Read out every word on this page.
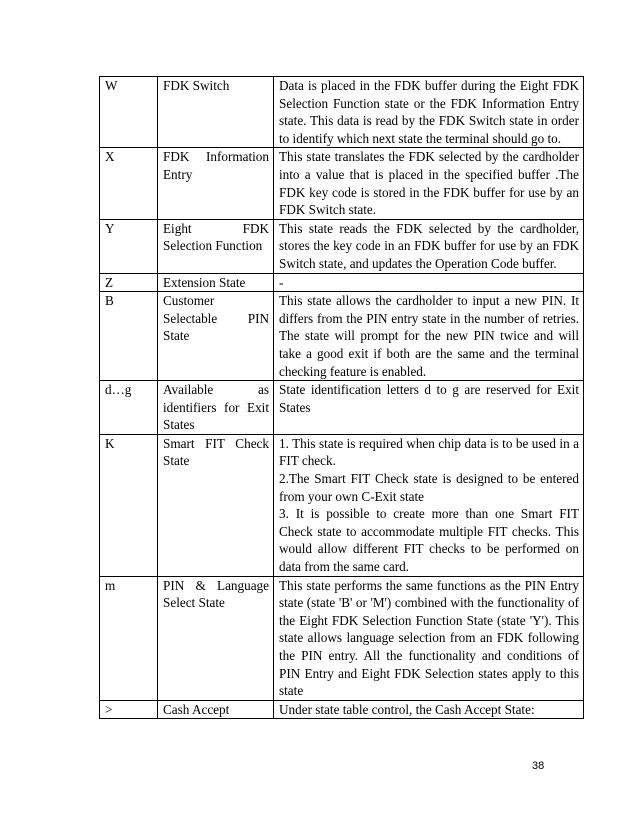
W	FDK Switch	Data is placed in the FDK buffer during the Eight FDK Selection Function state or the FDK Information Entry state. This data is read by the FDK Switch state in order to identify which next state the terminal should go to.

X	FDK Information Entry	This state translates the FDK selected by the cardholder into a value that is placed in the specified buffer .The FDK key code is stored in the FDK buffer for use by an FDK Switch state.

Y	Eight FDK Selection Function	This state reads the FDK selected by the cardholder, stores the key code in an FDK buffer for use by an FDK Switch state, and updates the Operation Code buffer.

Z	Extension State	-

B	Customer Selectable PIN State	This state allows the cardholder to input a new PIN. It differs from the PIN entry state in the number of retries. The state will prompt for the new PIN twice and will take a good exit if both are the same and the terminal checking feature is enabled.

d…g	Available as identifiers for Exit States	State identification letters d to g are reserved for Exit States

K	Smart FIT Check State	1. This state is required when chip data is to be used in a FIT check.
2.The Smart FIT Check state is designed to be entered from your own C-Exit state
3. It is possible to create more than one Smart FIT Check state to accommodate multiple FIT checks. This would allow different FIT checks to be performed on data from the same card.

m	PIN & Language Select State	This state performs the same functions as the PIN Entry state (state 'B' or 'M') combined with the functionality of the Eight FDK Selection Function State (state 'Y'). This state allows language selection from an FDK following the PIN entry. All the functionality and conditions of PIN Entry and Eight FDK Selection states apply to this state

>	Cash Accept	Under state table control, the Cash Accept State:
38
